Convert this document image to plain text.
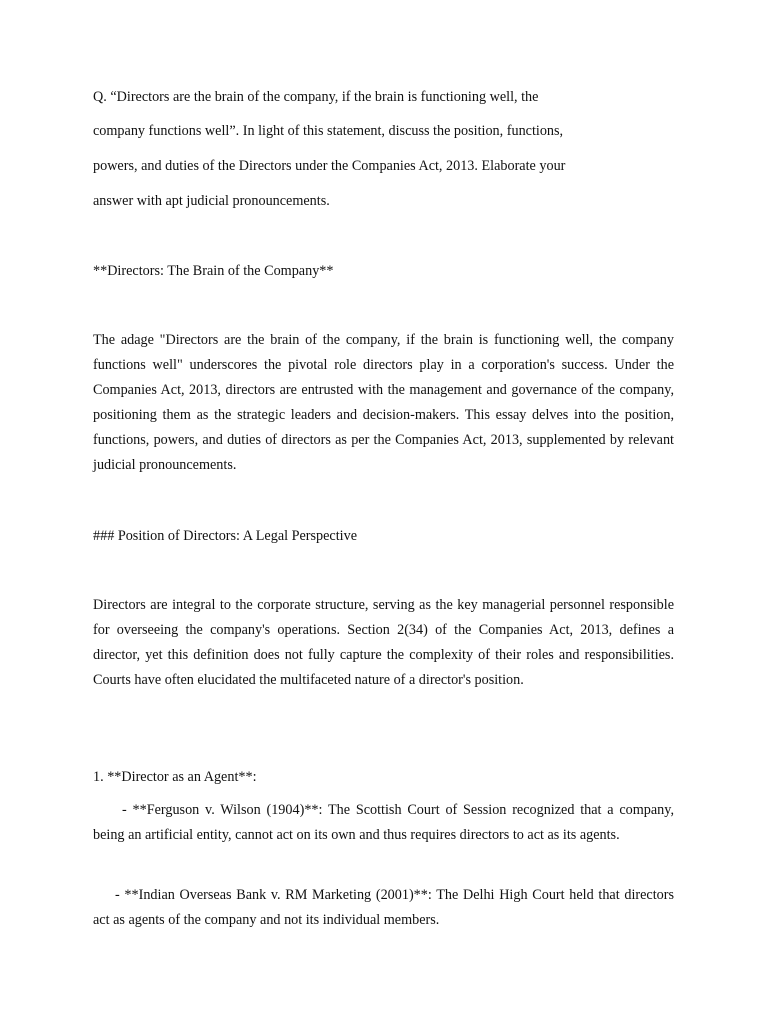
Q. “Directors are the brain of the company, if the brain is functioning well, the
company functions well”. In light of this statement, discuss the position, functions,
powers, and duties of the Directors under the Companies Act, 2013. Elaborate your
answer with apt judicial pronouncements.
**Directors: The Brain of the Company**

The adage "Directors are the brain of the company, if the brain is functioning well, the company functions well" underscores the pivotal role directors play in a corporation's success. Under the Companies Act, 2013, directors are entrusted with the management and governance of the company, positioning them as the strategic leaders and decision-makers. This essay delves into the position, functions, powers, and duties of directors as per the Companies Act, 2013, supplemented by relevant judicial pronouncements.

### Position of Directors: A Legal Perspective

Directors are integral to the corporate structure, serving as the key managerial personnel responsible for overseeing the company's operations. Section 2(34) of the Companies Act, 2013, defines a director, yet this definition does not fully capture the complexity of their roles and responsibilities. Courts have often elucidated the multifaceted nature of a director's position.

1. **Director as an Agent**:

- **Ferguson v. Wilson (1904)**: The Scottish Court of Session recognized that a company, being an artificial entity, cannot act on its own and thus requires directors to act as its agents.

- **Indian Overseas Bank v. RM Marketing (2001)**: The Delhi High Court held that directors act as agents of the company and not its individual members.
